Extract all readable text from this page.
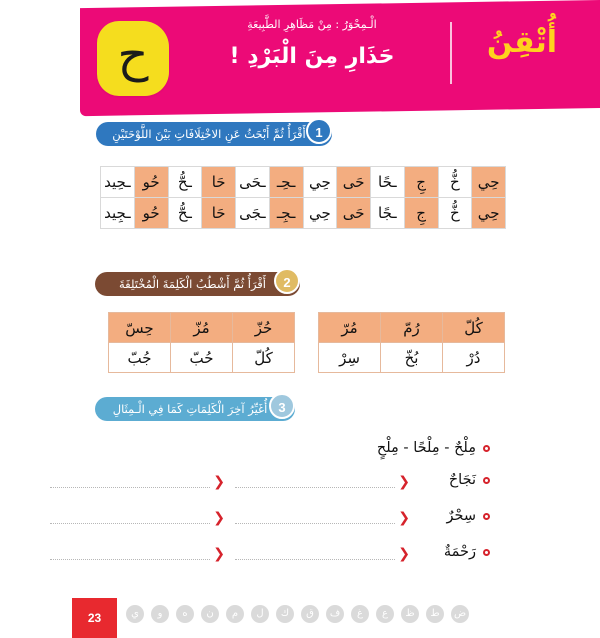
أُتْقِنُ
الْـمِحْوَرُ : مِنْ مَظَاهِرِ الطَّبِيعَةِ
حَذَارِ مِنَ الْبَرْدِ !
ح
أَقْرَأُ ثُمَّ أَبْحَثُ عَنِ الاخْتِلَافَاتِ بَيْنَ اللَّوْحَتَيْنِ 1
حِي	خُّ	جِ	ـحًا	حَى	حِي	ـحِـ	ـحَى	حَا	ـحُّ	حُو	ـحِيد
حِي	خُّ	جِ	ـجًا	حَى	حِي	ـجِـ	ـجَى	حَا	ـحُّ	حُو	ـجِيد
أَقْرَأُ ثُمَّ أَشْطُبُ الْكَلِمَةَ الْمُخْتَلِفَةَ	2
كُلّ	رُمّ	مُرّ
دُرْ	بُخّ	سِرْ
حُزّ	مُزّ	حِسّ
كُلّ	حُبّ	جُبّ
أُغَيِّرُ آخِرَ الْكَلِمَاتِ كَمَا فِي الْـمِثَالِ 3
مِلْحٌ - مِلْحًا - مِلْحٍ
نَجَاحٌ
❮
❮
سِحْرٌ
❮
❮
رَحْمَةٌ
❮
❮
23	ي	و	ه	ن	م	ل	ك	ق	ف	غ	ع	ظ	ط	ض
